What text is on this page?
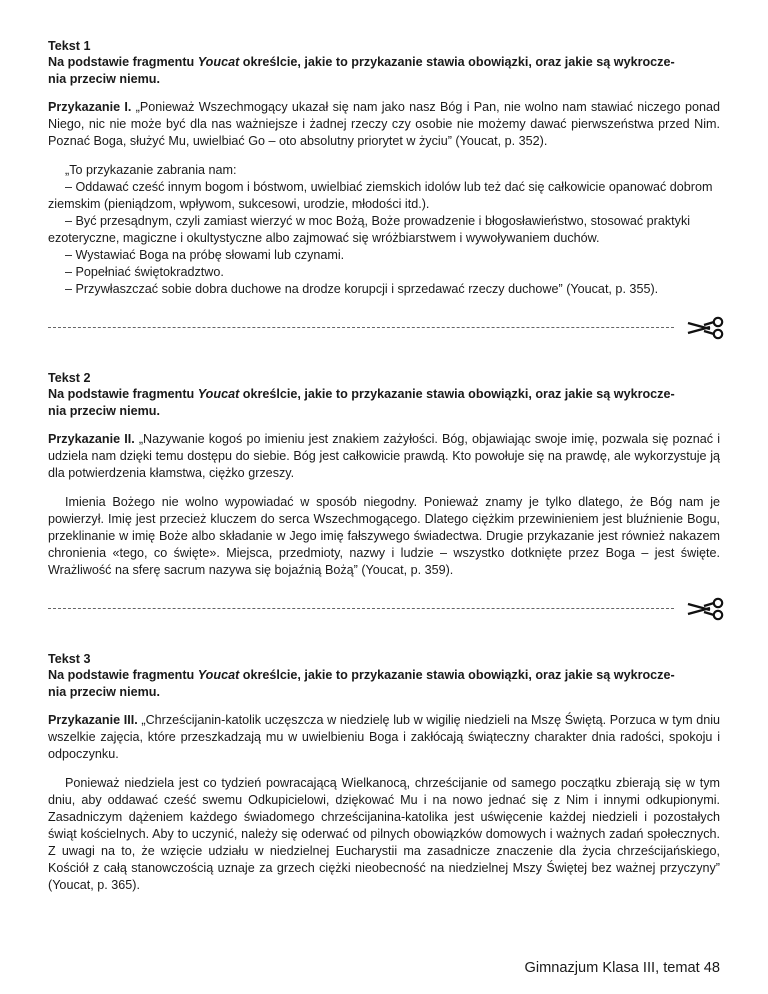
Tekst 1

Na podstawie fragmentu Youcat określcie, jakie to przykazanie stawia obowiązki, oraz jakie są wykrocze-
nia przeciw niemu.

Przykazanie I. „Ponieważ Wszechmogący ukazał się nam jako nasz Bóg i Pan, nie wolno nam stawiać niczego ponad Niego, nic nie może być dla nas ważniejsze i żadnej rzeczy czy osobie nie możemy dawać pierwszeństwa przed Nim. Poznać Boga, służyć Mu, uwielbiać Go – oto absolutny priorytet w życiu” (Youcat, p. 352).

„To przykazanie zabrania nam:

– Oddawać cześć innym bogom i bóstwom, uwielbiać ziemskich idolów lub też dać się całkowicie opanować dobrom ziemskim (pieniądzom, wpływom, sukcesowi, urodzie, młodości itd.).

– Być przesądnym, czyli zamiast wierzyć w moc Bożą, Boże prowadzenie i błogosławieństwo, stosować praktyki ezoteryczne, magiczne i okultystyczne albo zajmować się wróżbiarstwem i wywoływaniem duchów.

– Wystawiać Boga na próbę słowami lub czynami.

– Popełniać świętokradztwo.

– Przywłaszczać sobie dobra duchowe na drodze korupcji i sprzedawać rzeczy duchowe” (Youcat, p. 355).

Tekst 2

Na podstawie fragmentu Youcat określcie, jakie to przykazanie stawia obowiązki, oraz jakie są wykrocze-
nia przeciw niemu.

Przykazanie II. „Nazywanie kogoś po imieniu jest znakiem zażyłości. Bóg, objawiając swoje imię, pozwala się poznać i udziela nam dzięki temu dostępu do siebie. Bóg jest całkowicie prawdą. Kto powołuje się na prawdę, ale wykorzystuje ją dla potwierdzenia kłamstwa, ciężko grzeszy.

Imienia Bożego nie wolno wypowiadać w sposób niegodny. Ponieważ znamy je tylko dlatego, że Bóg nam je powierzył. Imię jest przecież kluczem do serca Wszechmogącego. Dlatego ciężkim przewinieniem jest bluźnienie Bogu, przeklinanie w imię Boże albo składanie w Jego imię fałszywego świadectwa. Drugie przykazanie jest również nakazem chronienia «tego, co święte». Miejsca, przedmioty, nazwy i ludzie – wszystko dotknięte przez Boga – jest święte. Wrażliwość na sferę sacrum nazywa się bojaźnią Bożą” (Youcat, p. 359).

Tekst 3

Na podstawie fragmentu Youcat określcie, jakie to przykazanie stawia obowiązki, oraz jakie są wykrocze-
nia przeciw niemu.

Przykazanie III. „Chrześcijanin-katolik uczęszcza w niedzielę lub w wigilię niedzieli na Mszę Świętą. Porzuca w tym dniu wszelkie zajęcia, które przeszkadzają mu w uwielbieniu Boga i zakłócają świąteczny charakter dnia radości, spokoju i odpoczynku.

Ponieważ niedziela jest co tydzień powracającą Wielkanocą, chrześcijanie od samego początku zbierają się w tym dniu, aby oddawać cześć swemu Odkupicielowi, dziękować Mu i na nowo jednać się z Nim i innymi odkupionymi. Zasadniczym dążeniem każdego świadomego chrześcijanina-katolika jest uświęcenie każdej niedzieli i pozostałych świąt kościelnych. Aby to uczynić, należy się oderwać od pilnych obowiązków domowych i ważnych zadań społecznych. Z uwagi na to, że wzięcie udziału w niedzielnej Eucharystii ma zasadnicze znaczenie dla życia chrześcijańskiego, Kościół z całą stanowczością uznaje za grzech ciężki nieobecność na niedzielnej Mszy Świętej bez ważnej przyczyny” (Youcat, p. 365).

Gimnazjum Klasa III, temat 48
